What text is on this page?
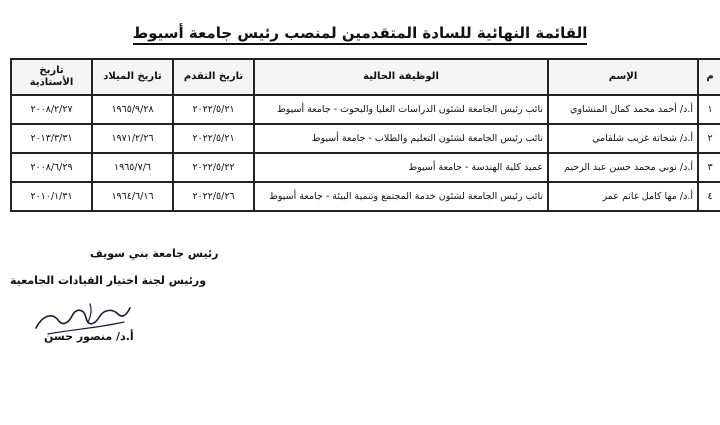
القائمة النهائية للسادة المتقدمين لمنصب رئيس جامعة أسيوط
م	الإسم	الوظيفة الحالية	تاريخ التقدم	تاريخ الميلاد	تاريخ الأستاذية
١	أ.د/ أحمد محمد كمال المنشاوي	نائب رئيس الجامعة لشئون الدراسات العليا والبحوث - جامعة أسيوط	٢٠٢٢/٥/٢١	١٩٦٥/٩/٢٨	٢٠٠٨/٢/٢٧
٢	أ.د/ شحاتة غريب شلقامي	نائب رئيس الجامعة لشئون التعليم والطلاب - جامعة أسيوط	٢٠٢٢/٥/٢١	١٩٧١/٢/٢٦	٢٠١٣/٣/٣١
٣	أ.د/ نوبي محمد حسن عبد الرحيم	عميد كلية الهندسة - جامعة أسيوط	٢٠٢٢/٥/٢٢	١٩٦٥/٧/٦	٢٠٠٨/٦/٢٩
٤	أ.د/ مها كامل غانم عمر	نائب رئيس الجامعة لشئون خدمة المجتمع وتنمية البيئة - جامعة أسيوط	٢٠٢٢/٥/٢٦	١٩٦٤/٦/١٦	٢٠١٠/١/٣١
رئيس جامعة بني سويف
ورئيس لجنة اختيار القيادات الجامعية
أ.د/ منصور حسن
